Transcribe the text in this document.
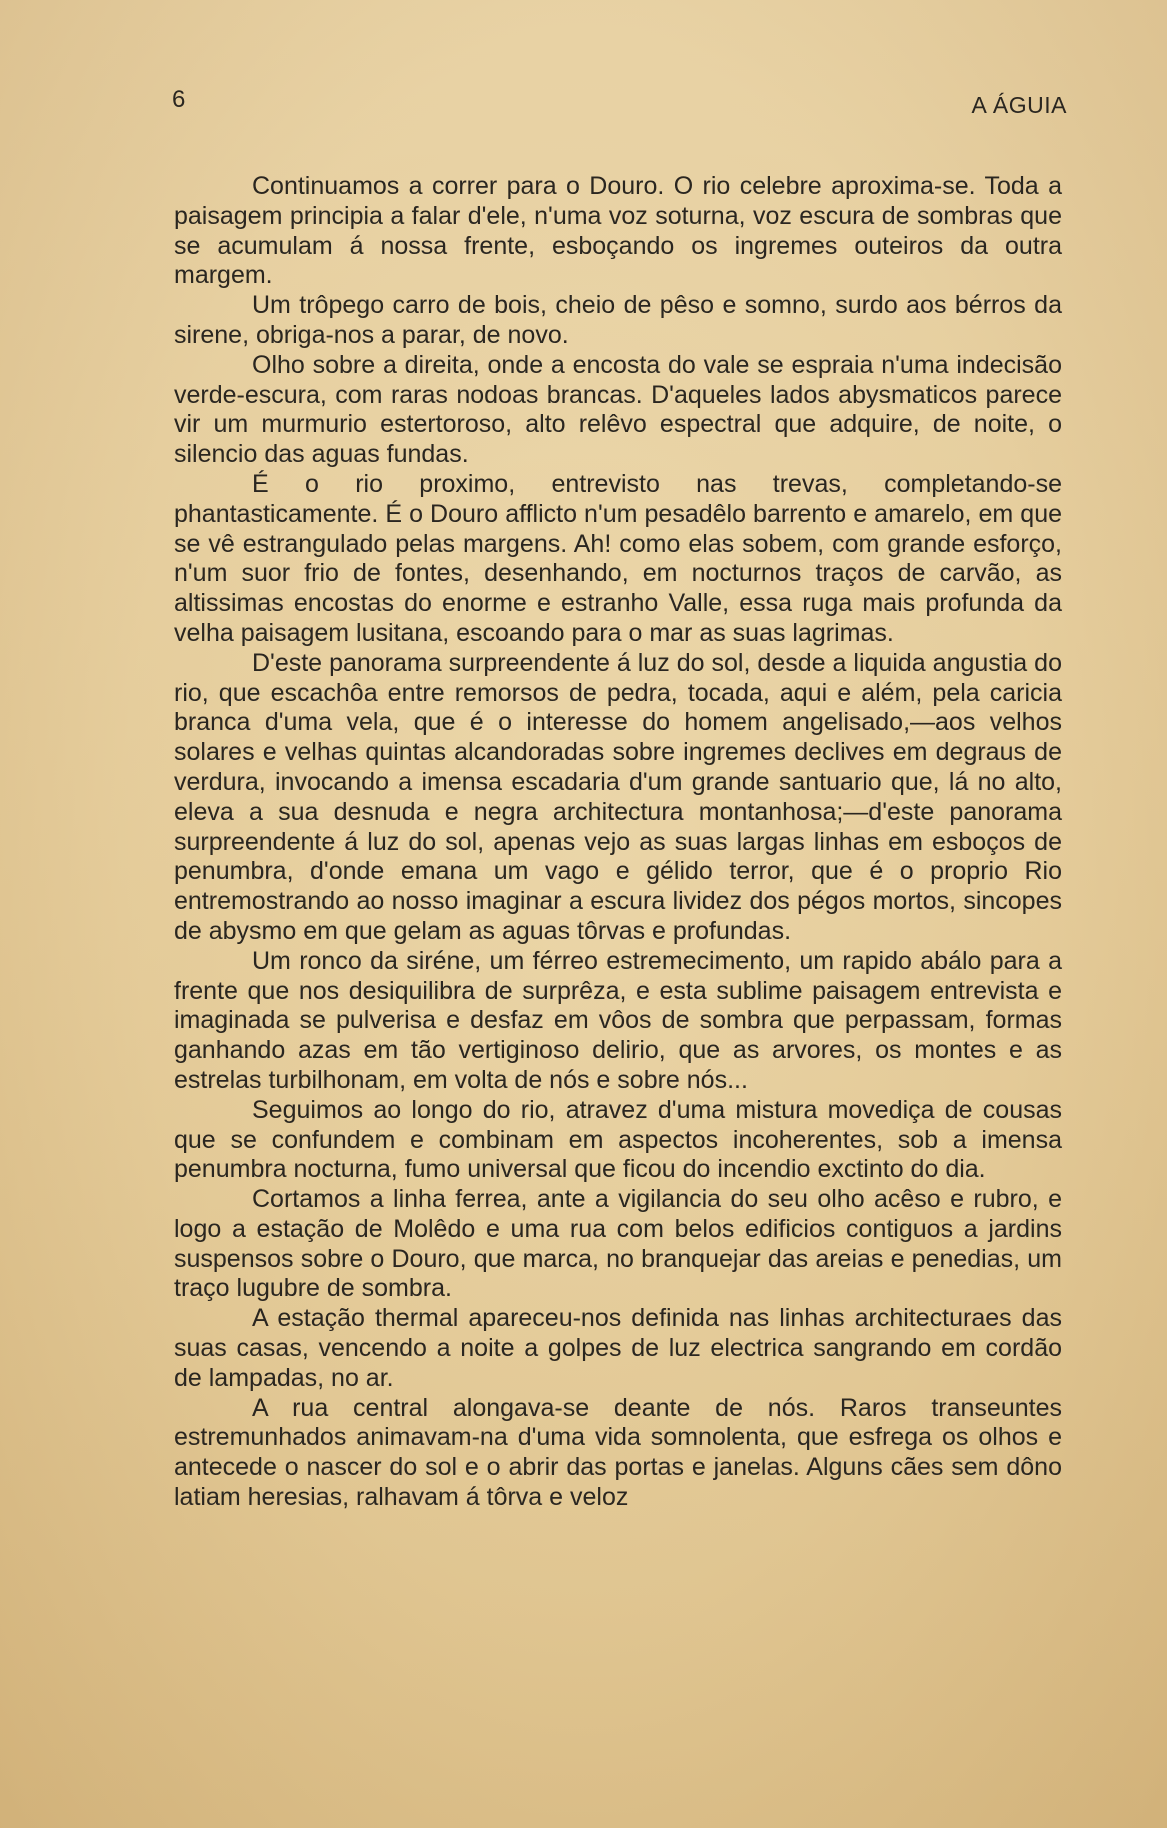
6	A ÁGUIA

Continuamos a correr para o Douro. O rio celebre aproxima-se. Toda a paisagem principia a falar d'ele, n'uma voz soturna, voz escura de sombras que se acumulam á nossa frente, esboçando os ingremes outeiros da outra margem.

Um trôpego carro de bois, cheio de pêso e somno, surdo aos bérros da sirene, obriga-nos a parar, de novo.

Olho sobre a direita, onde a encosta do vale se espraia n'uma indecisão verde-escura, com raras nodoas brancas. D'aqueles lados abysmaticos parece vir um murmurio estertoroso, alto relêvo espectral que adquire, de noite, o silencio das aguas fundas.

É o rio proximo, entrevisto nas trevas, completando-se phantasticamente. É o Douro afflicto n'um pesadêlo barrento e amarelo, em que se vê estrangulado pelas margens. Ah! como elas sobem, com grande esforço, n'um suor frio de fontes, desenhando, em nocturnos traços de carvão, as altissimas encostas do enorme e estranho Valle, essa ruga mais profunda da velha paisagem lusitana, escoando para o mar as suas lagrimas.

D'este panorama surpreendente á luz do sol, desde a liquida angustia do rio, que escachôa entre remorsos de pedra, tocada, aqui e além, pela caricia branca d'uma vela, que é o interesse do homem angelisado,—aos velhos solares e velhas quintas alcandoradas sobre ingremes declives em degraus de verdura, invocando a imensa escadaria d'um grande santuario que, lá no alto, eleva a sua desnuda e negra architectura montanhosa;—d'este panorama surpreendente á luz do sol, apenas vejo as suas largas linhas em esboços de penumbra, d'onde emana um vago e gélido terror, que é o proprio Rio entremostrando ao nosso imaginar a escura lividez dos pégos mortos, sincopes de abysmo em que gelam as aguas tôrvas e profundas.

Um ronco da siréne, um férreo estremecimento, um rapido abálo para a frente que nos desiquilibra de surprêza, e esta sublime paisagem entrevista e imaginada se pulverisa e desfaz em vôos de sombra que perpassam, formas ganhando azas em tão vertiginoso delirio, que as arvores, os montes e as estrelas turbilhonam, em volta de nós e sobre nós...

Seguimos ao longo do rio, atravez d'uma mistura movediça de cousas que se confundem e combinam em aspectos incoherentes, sob a imensa penumbra nocturna, fumo universal que ficou do incendio exctinto do dia.

Cortamos a linha ferrea, ante a vigilancia do seu olho acêso e rubro, e logo a estação de Molêdo e uma rua com belos edificios contiguos a jardins suspensos sobre o Douro, que marca, no branquejar das areias e penedias, um traço lugubre de sombra.

A estação thermal apareceu-nos definida nas linhas architecturaes das suas casas, vencendo a noite a golpes de luz electrica sangrando em cordão de lampadas, no ar.

A rua central alongava-se deante de nós. Raros transeuntes estremunhados animavam-na d'uma vida somnolenta, que esfrega os olhos e antecede o nascer do sol e o abrir das portas e janelas. Alguns cães sem dôno latiam heresias, ralhavam á tôrva e veloz
